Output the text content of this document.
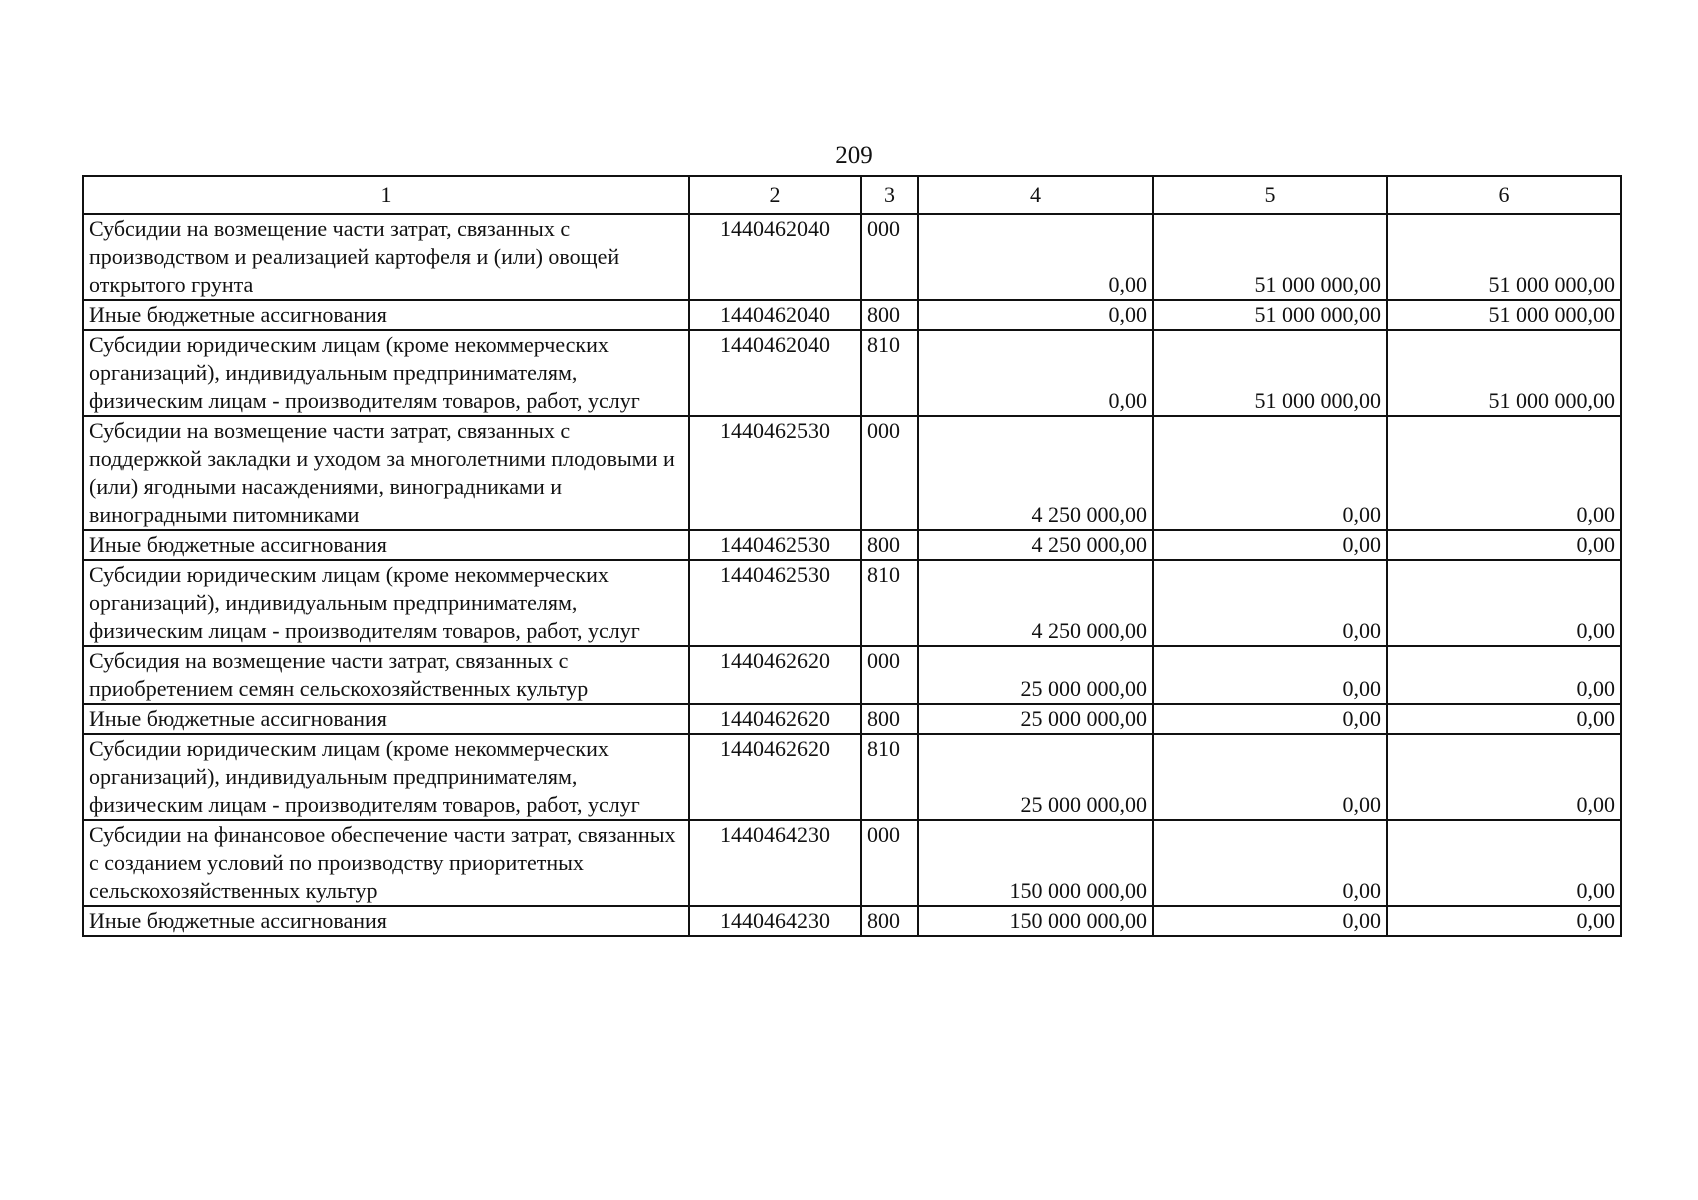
209
1	2	3	4	5	6
Субсидии на возмещение части затрат, связанных с производством и реализацией картофеля и (или) овощей открытого грунта	1440462040	000	0,00	51 000 000,00	51 000 000,00
Иные бюджетные ассигнования	1440462040	800	0,00	51 000 000,00	51 000 000,00
Субсидии юридическим лицам (кроме некоммерческих организаций), индивидуальным предпринимателям, физическим лицам - производителям товаров, работ, услуг	1440462040	810	0,00	51 000 000,00	51 000 000,00
Субсидии на возмещение части затрат, связанных с поддержкой закладки и уходом за многолетними плодовыми и (или) ягодными насаждениями, виноградниками и виноградными питомниками	1440462530	000	4 250 000,00	0,00	0,00
Иные бюджетные ассигнования	1440462530	800	4 250 000,00	0,00	0,00
Субсидии юридическим лицам (кроме некоммерческих организаций), индивидуальным предпринимателям, физическим лицам - производителям товаров, работ, услуг	1440462530	810	4 250 000,00	0,00	0,00
Субсидия на возмещение части затрат, связанных с приобретением семян сельскохозяйственных культур	1440462620	000	25 000 000,00	0,00	0,00
Иные бюджетные ассигнования	1440462620	800	25 000 000,00	0,00	0,00
Субсидии юридическим лицам (кроме некоммерческих организаций), индивидуальным предпринимателям, физическим лицам - производителям товаров, работ, услуг	1440462620	810	25 000 000,00	0,00	0,00
Субсидии на финансовое обеспечение части затрат, связанных с созданием условий по производству приоритетных сельскохозяйственных культур	1440464230	000	150 000 000,00	0,00	0,00
Иные бюджетные ассигнования	1440464230	800	150 000 000,00	0,00	0,00
